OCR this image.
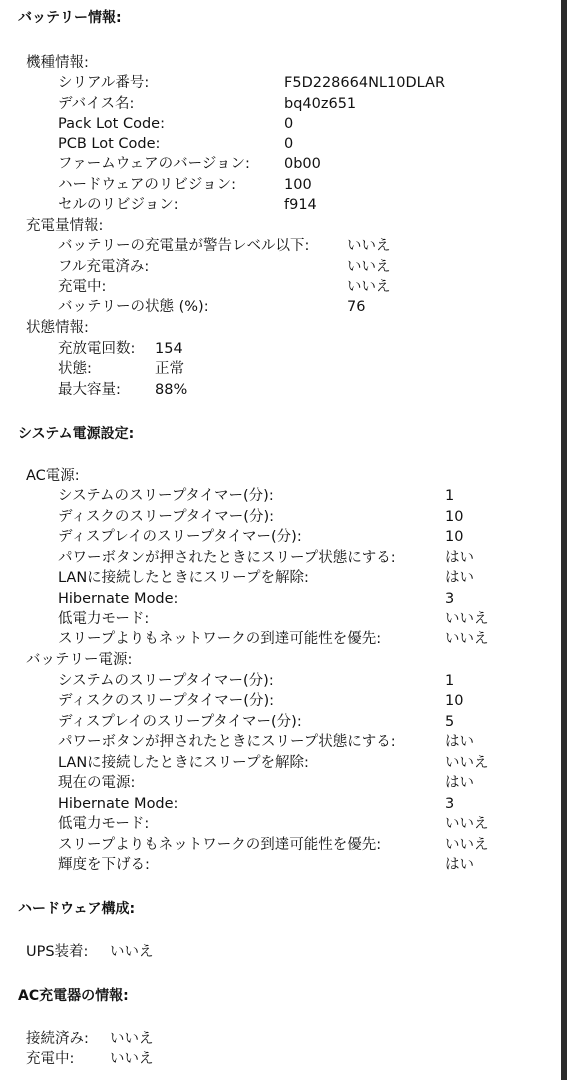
バッテリー情報:
機種情報:
シリアル番号:	F5D228664NL10DLAR
デバイス名:	bq40z651
Pack Lot Code:	0
PCB Lot Code:	0
ファームウェアのバージョン: 0b00
ハードウェアのリビジョン:	100
セルのリビジョン:	f914
充電量情報:
バッテリーの充電量が警告レベル以下:	いいえ
フル充電済み:	いいえ
充電中:	いいえ
バッテリーの状態 (%):	76
状態情報:
充放電回数: 154
状態:	正常
最大容量: 88%
システム電源設定:
AC電源:
システムのスリープタイマー(分):	1
ディスクのスリープタイマー(分):	10
ディスプレイのスリープタイマー(分):	10
パワーボタンが押されたときにスリープ状態にする:	はい
LANに接続したときにスリープを解除:	はい
Hibernate Mode:	3
低電力モード:	いいえ
スリープよりもネットワークの到達可能性を優先:	いいえ
バッテリー電源:
システムのスリープタイマー(分):	1
ディスクのスリープタイマー(分):	10
ディスプレイのスリープタイマー(分):	5
パワーボタンが押されたときにスリープ状態にする:	はい
LANに接続したときにスリープを解除:	いいえ
現在の電源:	はい
Hibernate Mode:	3
低電力モード:	いいえ
スリープよりもネットワークの到達可能性を優先:	いいえ
輝度を下げる:	はい
ハードウェア構成:
UPS装着: いいえ
AC充電器の情報:
接続済み: いいえ
充電中: いいえ
